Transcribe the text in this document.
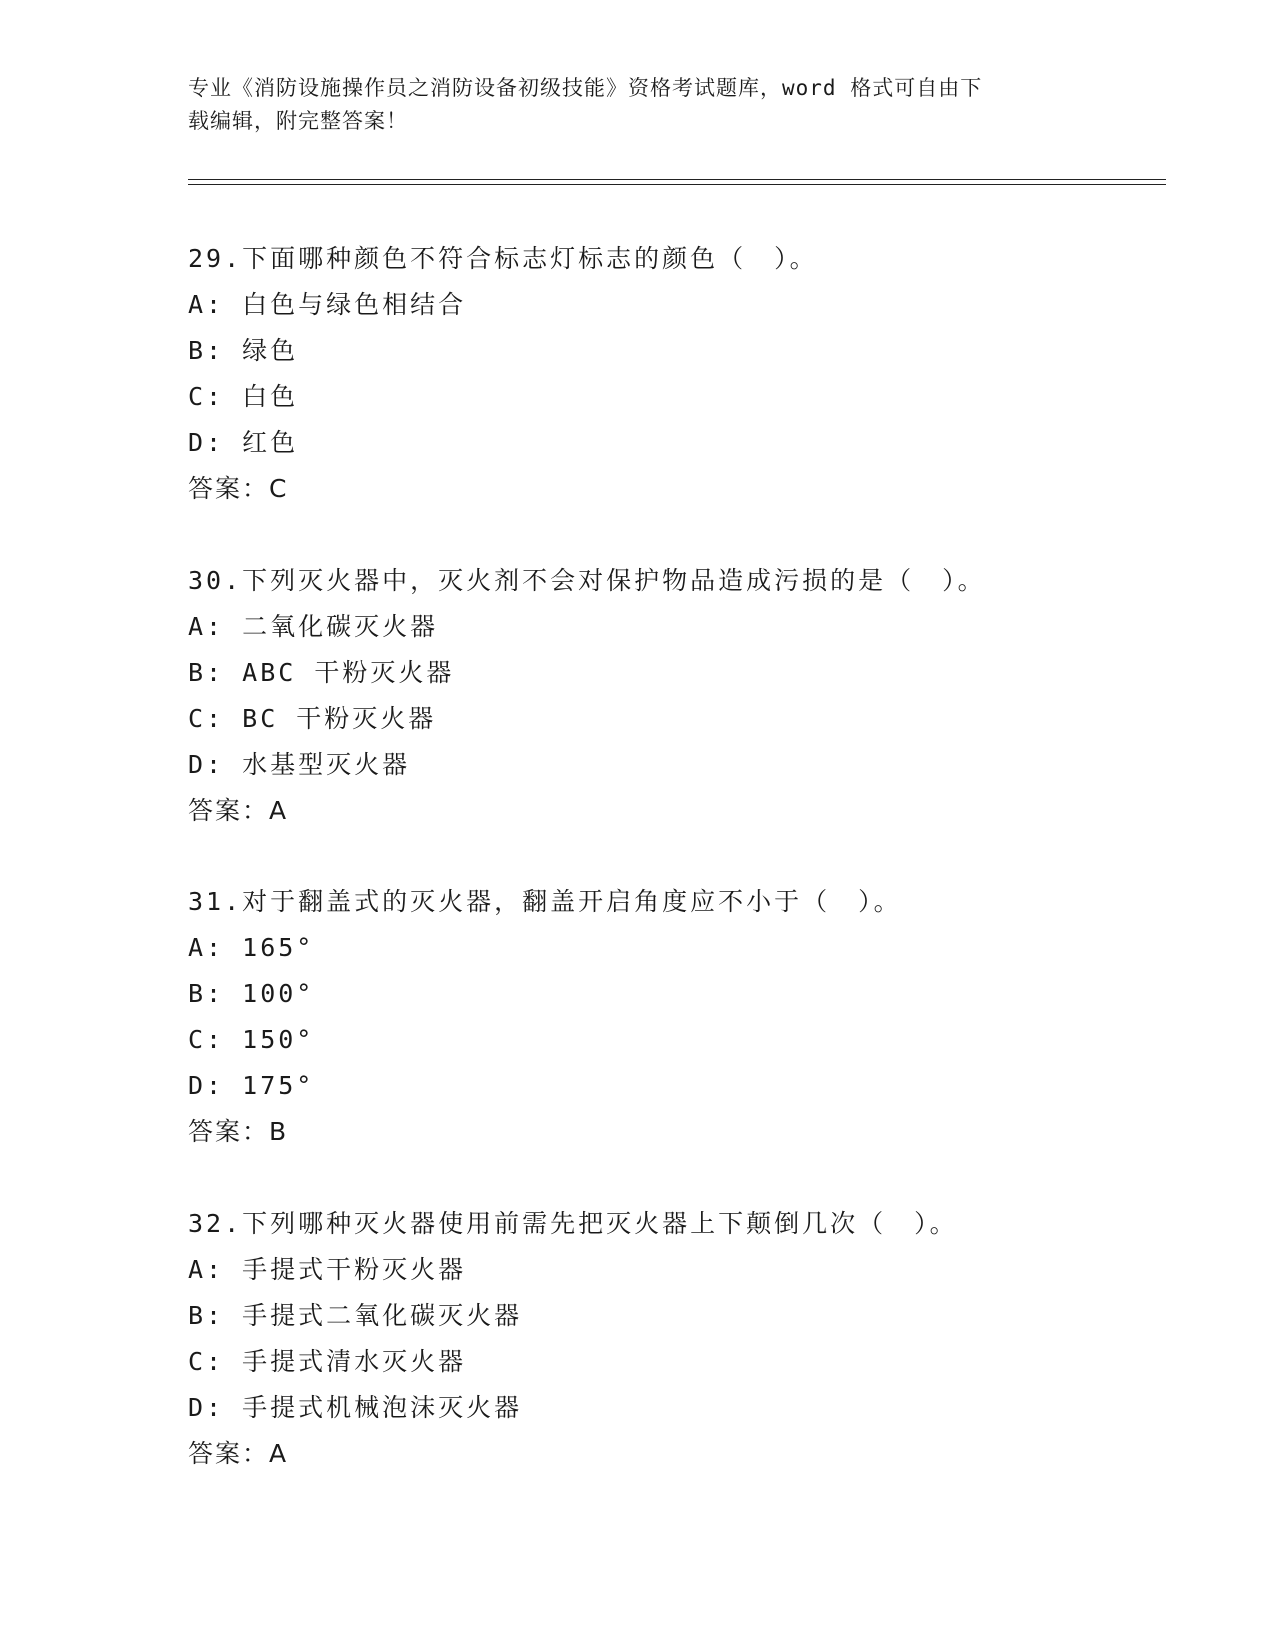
专业《消防设施操作员之消防设备初级技能》资格考试题库，word 格式可自由下
载编辑，附完整答案！
29.下面哪种颜色不符合标志灯标志的颜色（　）。
A: 白色与绿色相结合
B: 绿色
C: 白色
D: 红色
答案：C
30.下列灭火器中，灭火剂不会对保护物品造成污损的是（　）。
A: 二氧化碳灭火器
B: ABC 干粉灭火器
C: BC 干粉灭火器
D: 水基型灭火器
答案：A
31.对于翻盖式的灭火器，翻盖开启角度应不小于（　）。
A: 165°
B: 100°
C: 150°
D: 175°
答案：B
32.下列哪种灭火器使用前需先把灭火器上下颠倒几次（　）。
A: 手提式干粉灭火器
B: 手提式二氧化碳灭火器
C: 手提式清水灭火器
D: 手提式机械泡沫灭火器
答案：A
